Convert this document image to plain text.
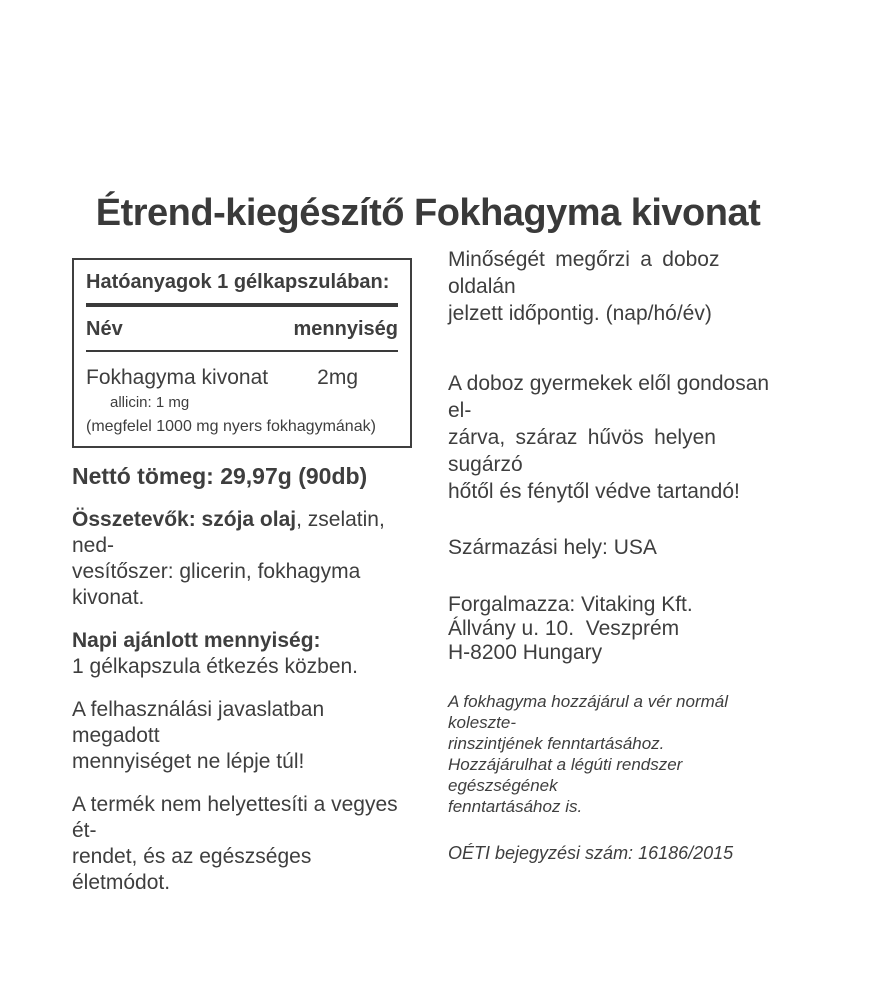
Étrend-kiegészítő Fokhagyma kivonat
Hatóanyagok 1 gélkapszulában:
Név	mennyiség
Fokhagyma kivonat 2mg
allicin: 1 mg
(megfelel 1000 mg nyers fokhagymának)
Nettó tömeg: 29,97g (90db)
Összetevők: szója olaj, zselatin, ned-
vesítőszer: glicerin, fokhagyma kivonat.
Napi ajánlott mennyiség:
1 gélkapszula étkezés közben.
A felhasználási javaslatban megadott
mennyiséget ne lépje túl!
A termék nem helyettesíti a vegyes ét-
rendet, és az egészséges életmódot.
Minőségét megőrzi a doboz oldalán
jelzett időpontig. (nap/hó/év)
A doboz gyermekek elől gondosan el-
zárva, száraz hűvös helyen sugárzó
hőtől és fénytől védve tartandó!
Származási hely: USA
Forgalmazza: Vitaking Kft.
Állvány u. 10.  Veszprém
H-8200 Hungary
A fokhagyma hozzájárul a vér normál koleszte-
rinszintjének fenntartásához.
Hozzájárulhat a légúti rendszer egészségének
fenntartásához is.
OÉTI bejegyzési szám: 16186/2015
